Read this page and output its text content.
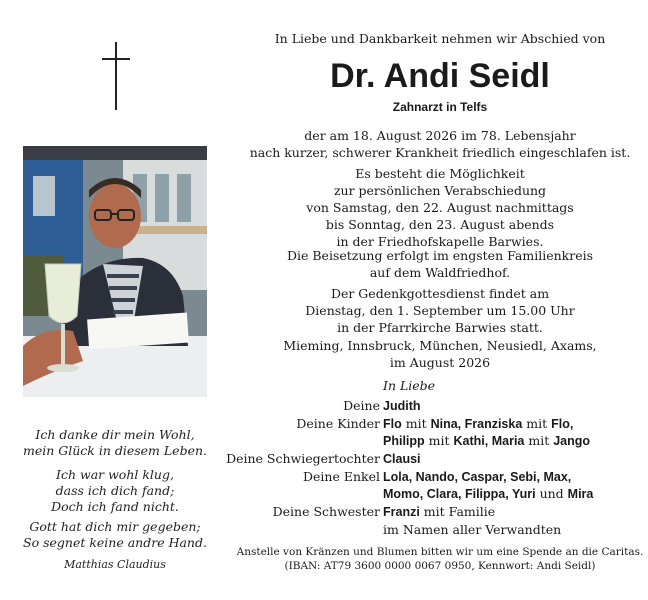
Ich danke dir mein Wohl,
mein Glück in diesem Leben.
Ich war wohl klug,
dass ich dich fand;
Doch ich fand nicht.
Gott hat dich mir gegeben;
So segnet keine andre Hand.
Matthias Claudius
In Liebe und Dankbarkeit nehmen wir Abschied von
Dr. Andi Seidl
Zahnarzt in Telfs
der am 18. August 2026 im 78. Lebensjahr
nach kurzer, schwerer Krankheit friedlich eingeschlafen ist.
Es besteht die Möglichkeit
zur persönlichen Verabschiedung
von Samstag, den 22. August nachmittags
bis Sonntag, den 23. August abends
in der Friedhofskapelle Barwies.
Die Beisetzung erfolgt im engsten Familienkreis
auf dem Waldfriedhof.
Der Gedenkgottesdienst findet am
Dienstag, den 1. September um 15.00 Uhr
in der Pfarrkirche Barwies statt.
Mieming, Innsbruck, München, Neusiedl, Axams,
im August 2026
In Liebe
Deine Judith
Deine Kinder Flo mit Nina, Franziska mit Flo,
Philipp mit Kathi, Maria mit Jango
Deine Schwiegertochter Clausi
Deine Enkel Lola, Nando, Caspar, Sebi, Max,
Momo, Clara, Filippa, Yuri und Mira
Deine Schwester Franzi mit Familie
im Namen aller Verwandten
Anstelle von Kränzen und Blumen bitten wir um eine Spende an die Caritas.
(IBAN: AT79 3600 0000 0067 0950, Kennwort: Andi Seidl)
